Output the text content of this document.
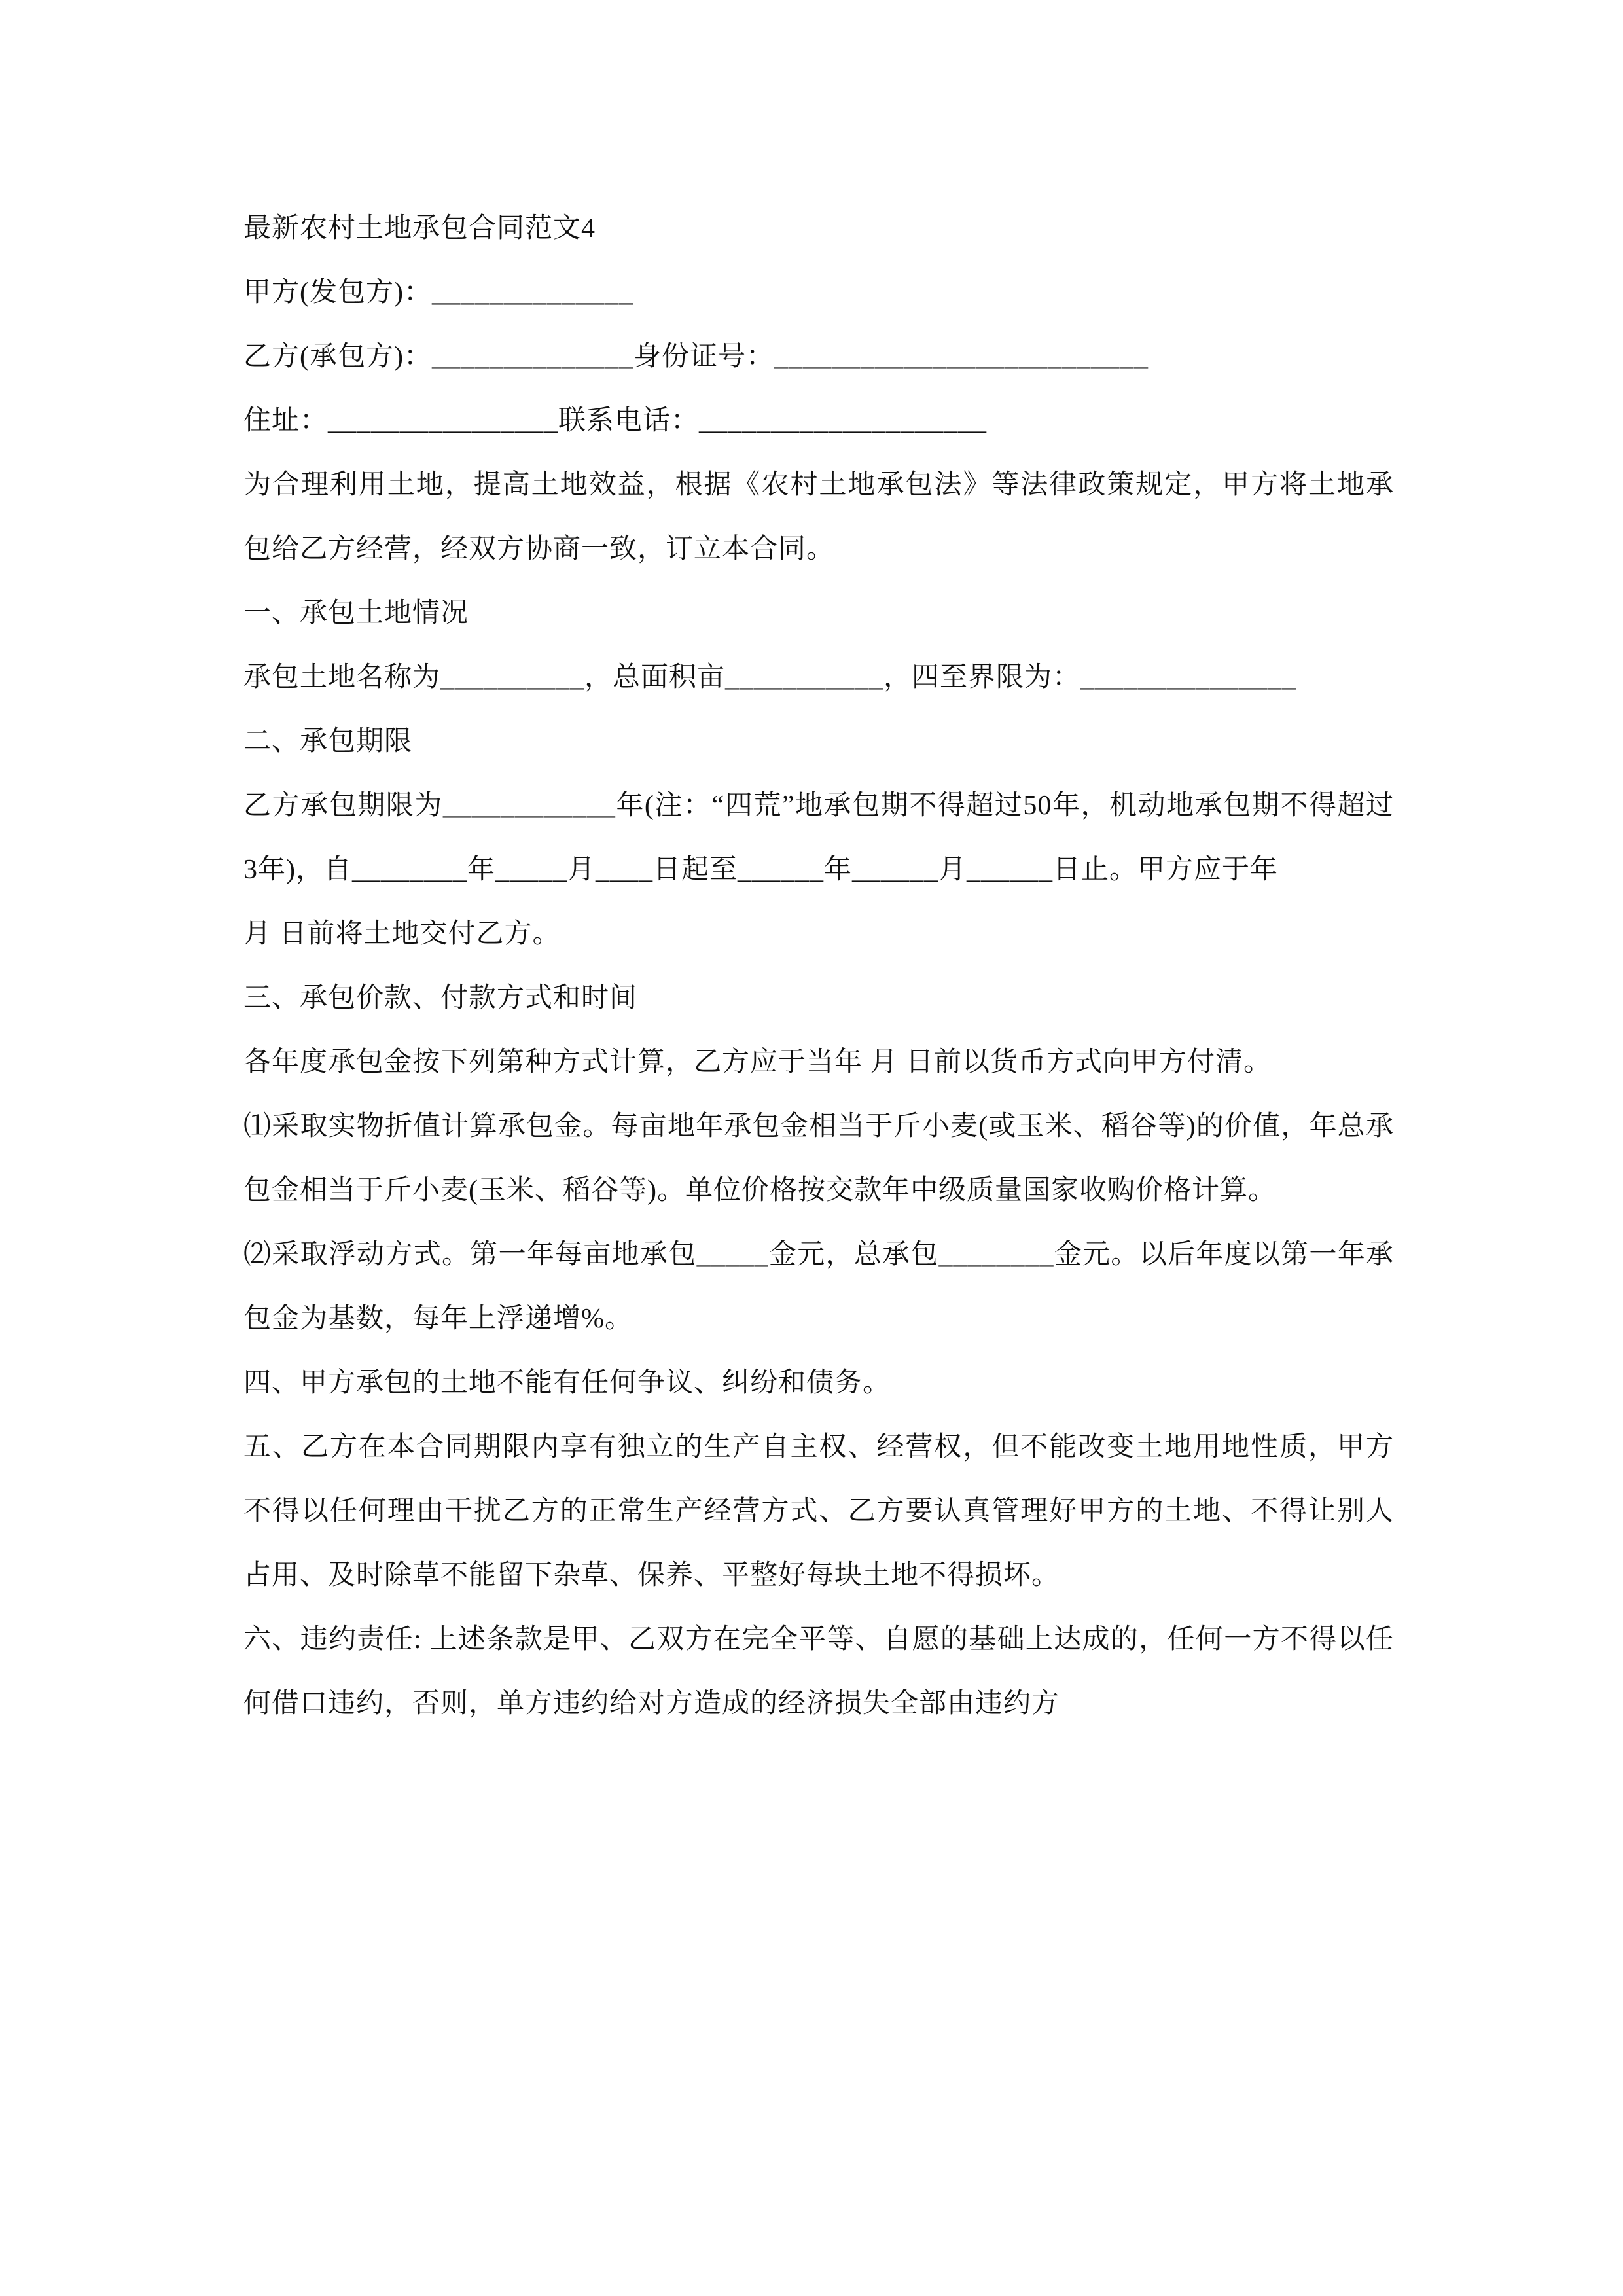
最新农村土地承包合同范文4

甲方(发包方)：______________

乙方(承包方)：______________身份证号：__________________________

住址：________________联系电话：____________________

为合理利用土地，提高土地效益，根据《农村土地承包法》等法律政策规定，甲方将土地承包给乙方经营，经双方协商一致，订立本合同。

一、承包土地情况

承包土地名称为__________，总面积亩___________，四至界限为：_______________

二、承包期限

乙方承包期限为____________年(注：“四荒”地承包期不得超过50年，机动地承包期不得超过3年)，自________年_____月____日起至______年______月______日止。甲方应于年

月 日前将土地交付乙方。

三、承包价款、付款方式和时间

各年度承包金按下列第种方式计算，乙方应于当年 月 日前以货币方式向甲方付清。

⑴采取实物折值计算承包金。每亩地年承包金相当于斤小麦(或玉米、稻谷等)的价值，年总承包金相当于斤小麦(玉米、稻谷等)。单位价格按交款年中级质量国家收购价格计算。

⑵采取浮动方式。第一年每亩地承包_____金元，总承包________金元。以后年度以第一年承包金为基数，每年上浮递增%。

四、甲方承包的土地不能有任何争议、纠纷和债务。

五、乙方在本合同期限内享有独立的生产自主权、经营权，但不能改变土地用地性质，甲方不得以任何理由干扰乙方的正常生产经营方式、乙方要认真管理好甲方的土地、不得让别人占用、及时除草不能留下杂草、保养、平整好每块土地不得损坏。

六、违约责任: 上述条款是甲、乙双方在完全平等、自愿的基础上达成的，任何一方不得以任何借口违约，否则，单方违约给对方造成的经济损失全部由违约方
